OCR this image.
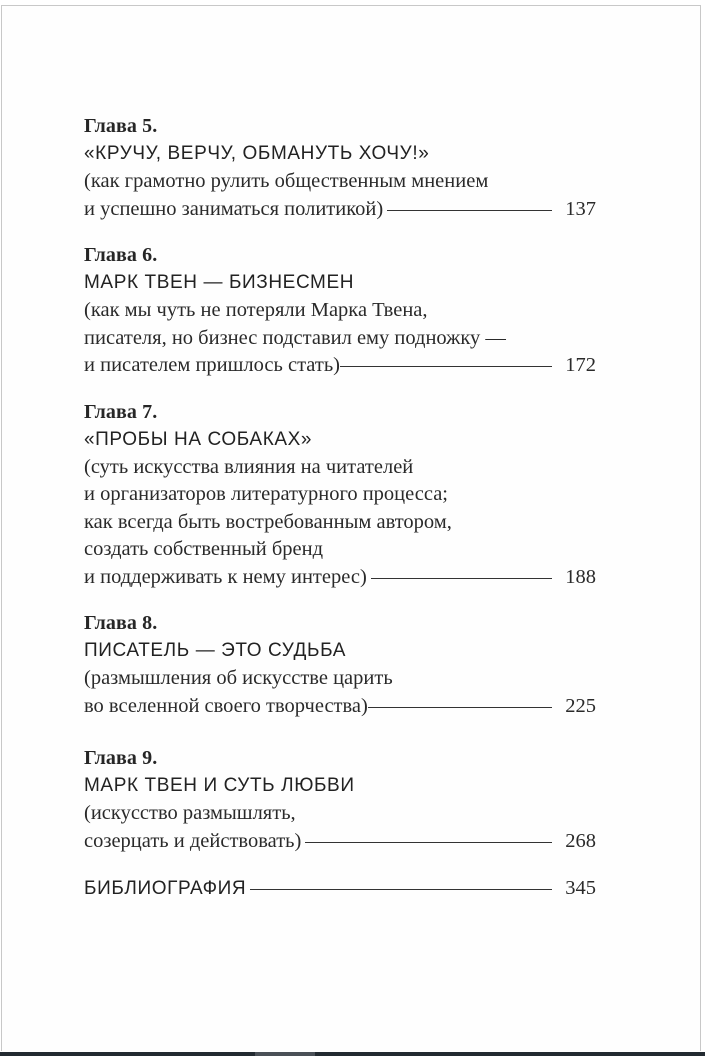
Глава 5.
«КРУЧУ, ВЕРЧУ, ОБМАНУТЬ ХОЧУ!»
(как грамотно рулить общественным мнением
и успешно заниматься политикой)	137
Глава 6.
МАРК ТВЕН — БИЗНЕСМЕН
(как мы чуть не потеряли Марка Твена,
писателя, но бизнес подставил ему подножку —
и писателем пришлось стать)	172
Глава 7.
«ПРОБЫ НА СОБАКАХ»
(суть искусства влияния на читателей
и организаторов литературного процесса;
как всегда быть востребованным автором,
создать собственный бренд
и поддерживать к нему интерес)	188
Глава 8.
ПИСАТЕЛЬ — ЭТО СУДЬБА
(размышления об искусстве царить
во вселенной своего творчества)	225
Глава 9.
МАРК ТВЕН И СУТЬ ЛЮБВИ
(искусство размышлять,
созерцать и действовать)	268
БИБЛИОГРАФИЯ	345
